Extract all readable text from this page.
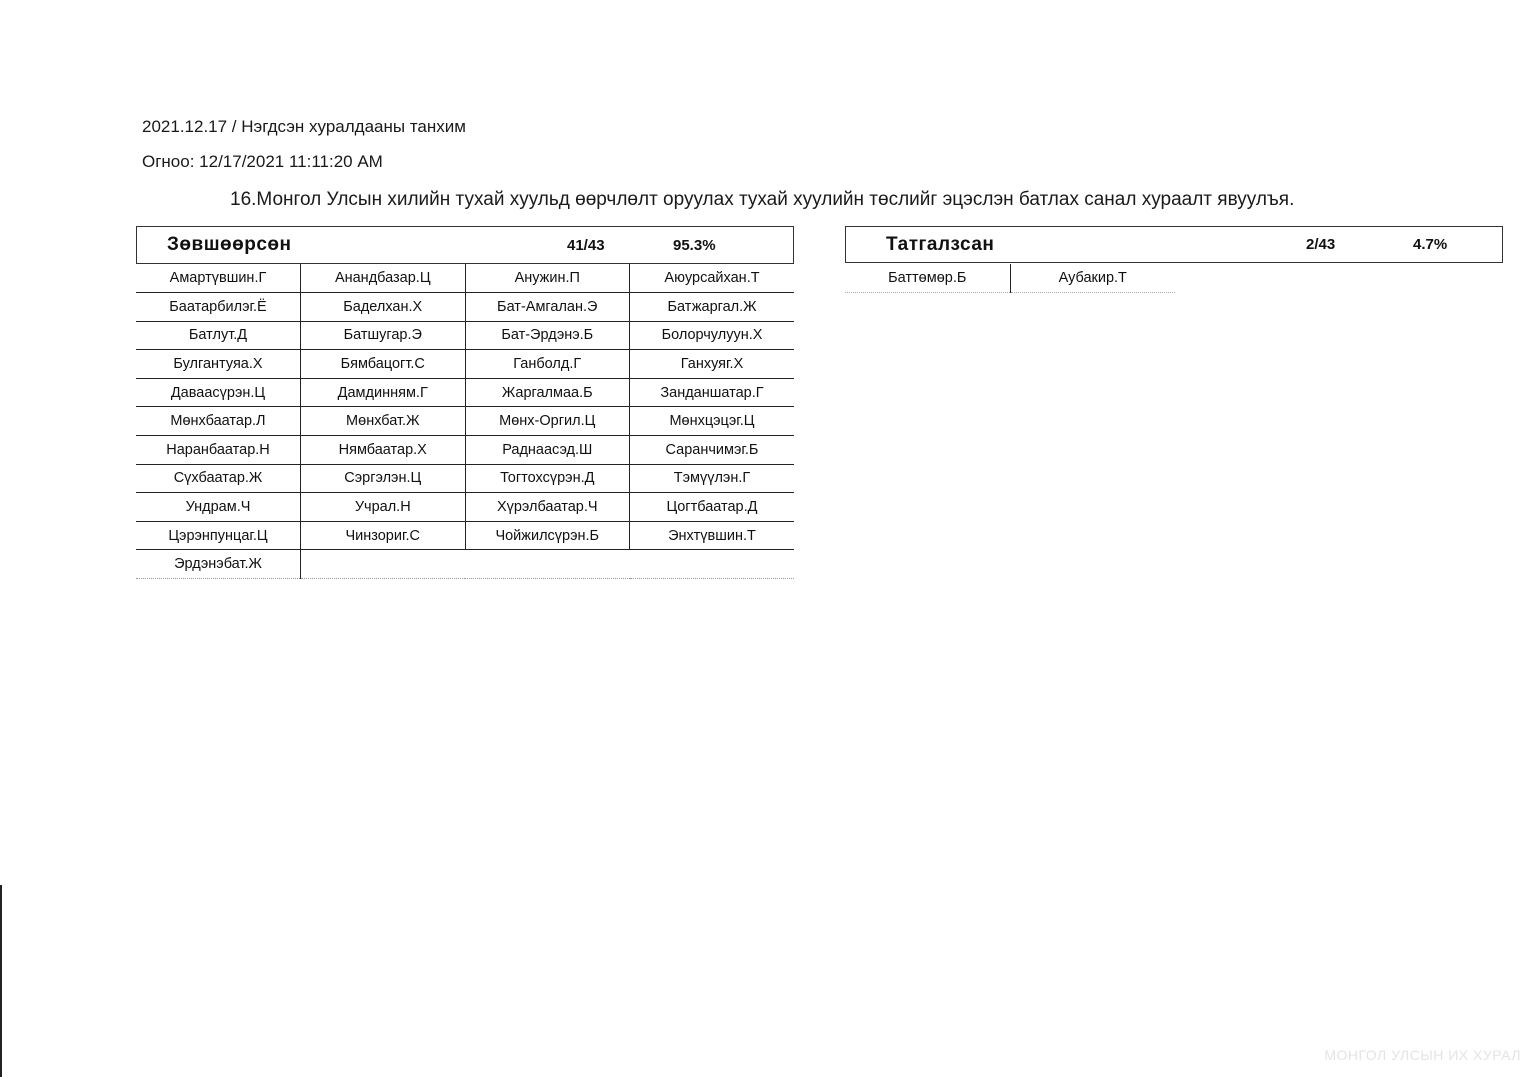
2021.12.17 / Нэгдсэн хуралдааны танхим
Огноо: 12/17/2021 11:11:20 AM
16.Монгол Улсын хилийн тухай хуульд өөрчлөлт оруулах тухай хуулийн төслийг эцэслэн батлах санал хураалт явуулъя.
Зөвшөөрсөн	41/43	95.3%
Амартүвшин.Г	Анандбазар.Ц	Анужин.П	Аюурсайхан.Т
Баатарбилэг.Ё	Баделхан.Х	Бат-Амгалан.Э	Батжаргал.Ж
Батлут.Д	Батшугар.Э	Бат-Эрдэнэ.Б	Болорчулуун.Х
Булгантуяа.Х	Бямбацогт.С	Ганболд.Г	Ганхуяг.Х
Даваасүрэн.Ц	Дамдинням.Г	Жаргалмаа.Б	Занданшатар.Г
Мөнхбаатар.Л	Мөнхбат.Ж	Мөнх-Оргил.Ц	Мөнхцэцэг.Ц
Наранбаатар.Н	Нямбаатар.Х	Раднаасэд.Ш	Саранчимэг.Б
Сүхбаатар.Ж	Сэргэлэн.Ц	Тогтохсүрэн.Д	Тэмүүлэн.Г
Ундрам.Ч	Учрал.Н	Хүрэлбаатар.Ч	Цогтбаатар.Д
Цэрэнпунцаг.Ц	Чинзориг.С	Чойжилсүрэн.Б	Энхтүвшин.Т
Эрдэнэбат.Ж			
Татгалзсан	2/43	4.7%
Баттөмөр.Б	Аубакир.Т
МОНГОЛ УЛСЫН ИХ ХУРАЛ
